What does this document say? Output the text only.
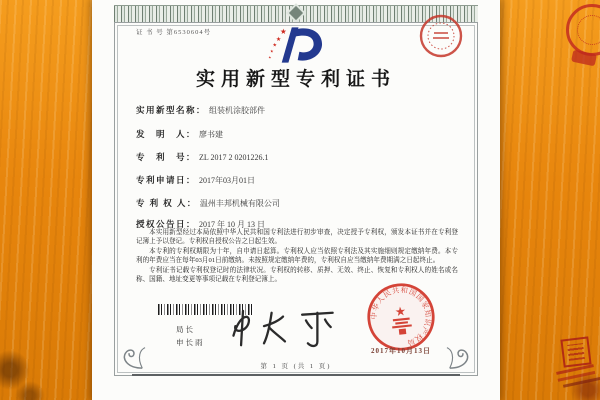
证 书 号 第6530604号	★
★
★
★
★
实用新型专利证书
实用新型名称： 组装机涂胶部件
发　明　人： 廖书建
专　利　号： ZL 2017 2 0201226.1
专利申请日： 2017年03月01日
专 利 权 人： 温州丰邦机械有限公司
授权公告日： 2017 年 10 月 13 日

本实用新型经过本局依照中华人民共和国专利法进行初步审查，决定授予专利权，颁发本证书并在专利登记簿上予以登记。专利权自授权公告之日起生效。

本专利的专利权期限为十年，自申请日起算。专利权人应当依照专利法及其实施细则规定缴纳年费。本专利的年费应当在每年03月01日前缴纳。未按照规定缴纳年费的，专利权自应当缴纳年费期满之日起终止。

专利证书记载专利权登记时的法律状况。专利权的转移、质押、无效、终止、恢复和专利权人的姓名或名称、国籍、地址变更等事项记载在专利登记簿上。

局长
申长雨
中华人民共和国国家知识产权局
★
2017年10月13日
第 1 页 (共 1 页)
